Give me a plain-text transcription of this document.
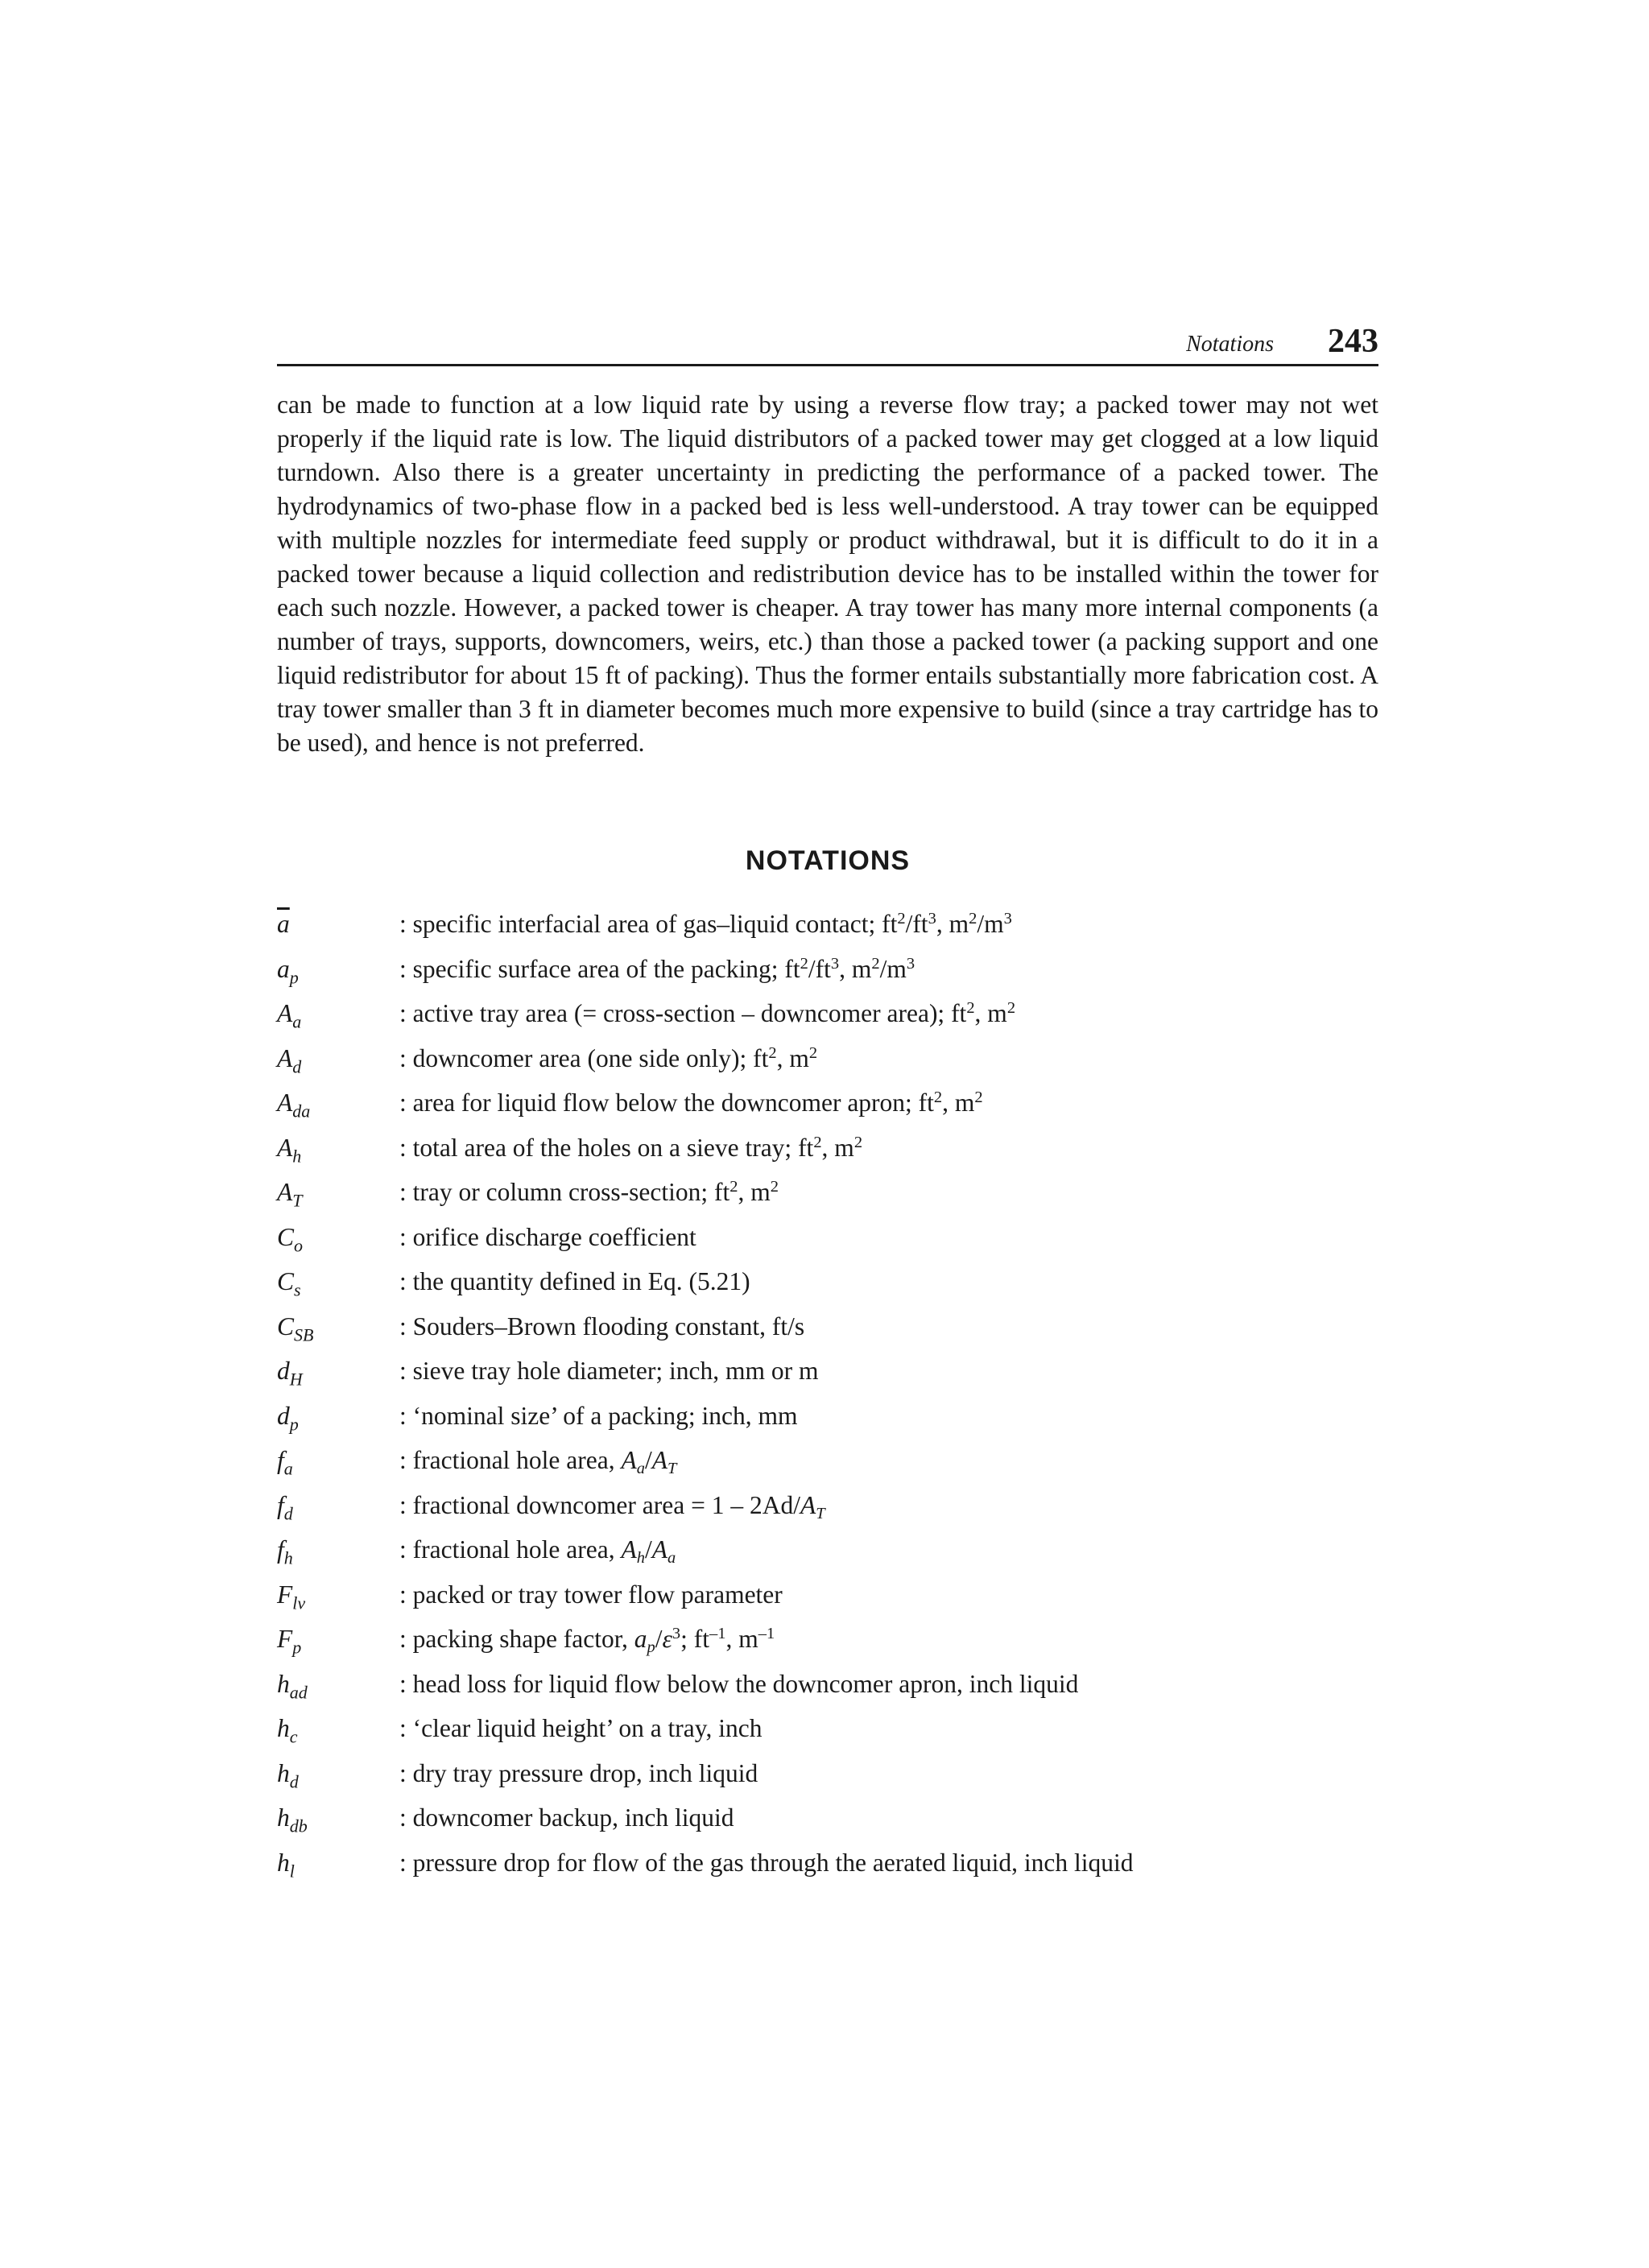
Notations 243

can be made to function at a low liquid rate by using a reverse flow tray; a packed tower may not wet properly if the liquid rate is low. The liquid distributors of a packed tower may get clogged at a low liquid turndown. Also there is a greater uncertainty in predicting the performance of a packed tower. The hydrodynamics of two-phase flow in a packed bed is less well-understood. A tray tower can be equipped with multiple nozzles for intermediate feed supply or product withdrawal, but it is difficult to do it in a packed tower because a liquid collection and redistribution device has to be installed within the tower for each such nozzle. However, a packed tower is cheaper. A tray tower has many more internal components (a number of trays, supports, downcomers, weirs, etc.) than those a packed tower (a packing support and one liquid redistributor for about 15 ft of packing). Thus the former entails substantially more fabrication cost. A tray tower smaller than 3 ft in diameter becomes much more expensive to build (since a tray cartridge has to be used), and hence is not preferred.

NOTATIONS
$\overline{a}$	: specific interfacial area of gas–liquid contact; $ft^2/ft^3$, $m^2/m^3$
$a_p$	: specific surface area of the packing; $ft^2/ft^3$, $m^2/m^3$
$A_a$	: active tray area (= cross-section – downcomer area); $ft^2$, $m^2$
$A_d$	: downcomer area (one side only); $ft^2$, $m^2$
$A_{da}$	: area for liquid flow below the downcomer apron; $ft^2$, $m^2$
$A_h$	: total area of the holes on a sieve tray; $ft^2$, $m^2$
$A_T$	: tray or column cross-section; $ft^2$, $m^2$
$C_o$	: orifice discharge coefficient
$C_s$	: the quantity defined in Eq. (5.21)
$C_{SB}$	: Souders–Brown flooding constant, ft/s
$d_H$	: sieve tray hole diameter; inch, mm or m
$d_p$	: ‘nominal size’ of a packing; inch, mm
$f_a$	: fractional hole area, $A_a/A_T$
$f_d$	: fractional downcomer area = $1 - 2Ad/A_T$
$f_h$	: fractional hole area, $A_h/A_a$
$F_{lv}$	: packed or tray tower flow parameter
$F_p$	: packing shape factor, $a_p/\varepsilon^3$; $ft^{-1}$, $m^{-1}$
$h_{ad}$	: head loss for liquid flow below the downcomer apron, inch liquid
$h_c$	: ‘clear liquid height’ on a tray, inch
$h_d$	: dry tray pressure drop, inch liquid
$h_{db}$	: downcomer backup, inch liquid
$h_l$	: pressure drop for flow of the gas through the aerated liquid, inch liquid
